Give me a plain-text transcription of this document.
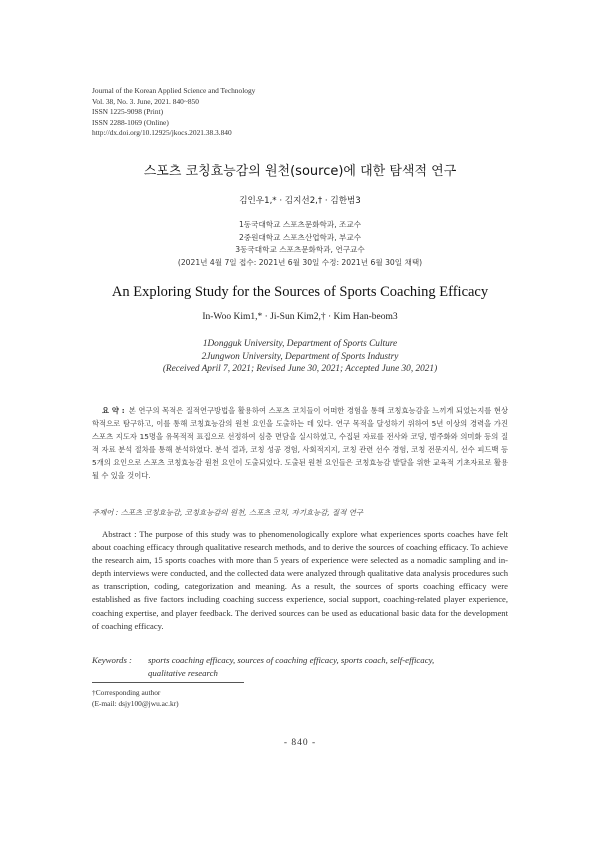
Journal of the Korean Applied Science and Technology
Vol. 38, No. 3. June, 2021. 840~850
ISSN 1225-9098 (Print)
ISSN 2288-1069 (Online)
http://dx.doi.org/10.12925/jkocs.2021.38.3.840
스포츠 코칭효능감의 원천(source)에 대한 탐색적 연구
김인우1,* · 김지선2,† · 김한범3
1동국대학교 스포츠문화학과, 조교수
2중원대학교 스포츠산업학과, 부교수
3동국대학교 스포츠문화학과, 연구교수
(2021년 4월 7일 접수: 2021년 6월 30일 수정: 2021년 6월 30일 채택)
An Exploring Study for the Sources of Sports Coaching Efficacy
In-Woo Kim1,* · Ji-Sun Kim2,† · Kim Han-beom3
1Dongguk University, Department of Sports Culture
2Jungwon University, Department of Sports Industry
(Received April 7, 2021; Revised June 30, 2021; Accepted June 30, 2021)
요 약 : 본 연구의 목적은 질적연구방법을 활용하여 스포츠 코치들이 어떠한 경험을 통해 코칭효능감을 느끼게 되었는지를 현상학적으로 탐구하고, 이를 통해 코칭효능감의 원천 요인을 도출하는 데 있다. 연구 목적을 달성하기 위하여 5년 이상의 경력을 가진 스포츠 지도자 15명을 유목적적 표집으로 선정하여 심층 면담을 실시하였고, 수집된 자료를 전사와 코딩, 범주화와 의미화 등의 질적 자료 분석 절차를 통해 분석하였다. 분석 결과, 코칭 성공 경험, 사회적지지, 코칭 관련 선수 경험, 코칭 전문지식, 선수 피드백 등 5개의 요인으로 스포츠 코칭효능감 원천 요인이 도출되었다. 도출된 원천 요인들은 코칭효능감 발달을 위한 교육적 기초자료로 활용될 수 있을 것이다.
주제어 : 스포츠 코칭효능감, 코칭효능감의 원천, 스포츠 코치, 자기효능감, 질적 연구
Abstract : The purpose of this study was to phenomenologically explore what experiences sports coaches have felt about coaching efficacy through qualitative research methods, and to derive the sources of coaching efficacy. To achieve the research aim, 15 sports coaches with more than 5 years of experience were selected as a nomadic sampling and in-depth interviews were conducted, and the collected data were analyzed through qualitative data analysis procedures such as transcription, coding, categorization and meaning. As a result, the sources of sports coaching efficacy were established as five factors including coaching success experience, social support, coaching-related player experience, coaching expertise, and player feedback. The derived sources can be used as educational basic data for the development of coaching efficacy.
Keywords : sports coaching efficacy, sources of coaching efficacy, sports coach, self-efficacy,
qualitative research
†Corresponding author
(E-mail: dsjy100@jwu.ac.kr)
- 840 -
